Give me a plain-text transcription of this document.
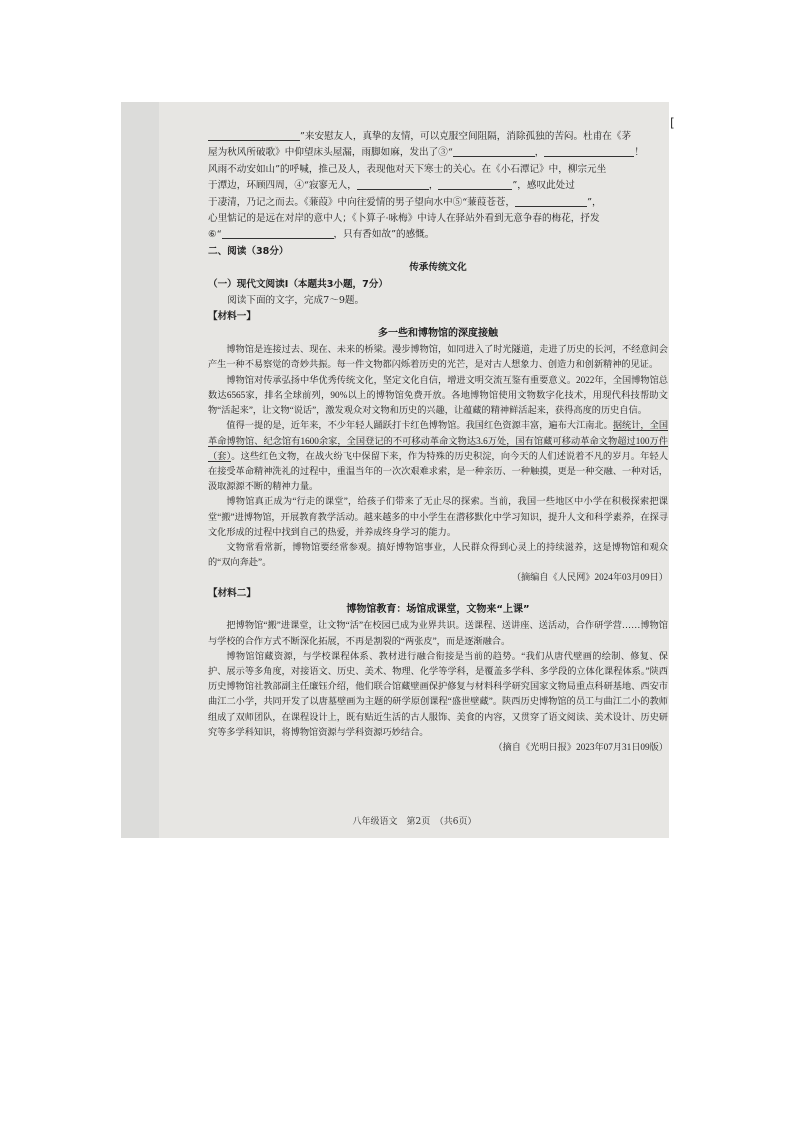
”来安慰友人，真挚的友情，可以克服空间阻隔，消除孤独的苦闷。杜甫在《茅

屋为秋风所破歌》中仰望床头屋漏，雨脚如麻，发出了③“	，	！

风雨不动安如山”的呼喊，推己及人，表现他对天下寒士的关心。在《小石潭记》中，柳宗元坐

于潭边，环顾四周，④“寂寥无人，	，	”，感叹此处过

于凄清，乃记之而去。《蒹葭》中向往爱情的男子望向水中⑤“蒹葭苍苍，	”，

心里惦记的是远在对岸的意中人；《卜算子·咏梅》中诗人在驿站外看到无意争春的梅花，抒发

⑥“	，只有香如故”的感慨。

二、阅读（38分）

传承传统文化

（一）现代文阅读Ⅰ（本题共3小题，7分）

阅读下面的文字，完成7～9题。

【材料一】

多一些和博物馆的深度接触

博物馆是连接过去、现在、未来的桥梁。漫步博物馆，如同进入了时光隧道，走进了历史的长河，不经意间会产生一种不易察觉的奇妙共振。每一件文物都闪烁着历史的光芒，是对古人想象力、创造力和创新精神的见证。

博物馆对传承弘扬中华优秀传统文化，坚定文化自信，增进文明交流互鉴有重要意义。2022年，全国博物馆总数达6565家，排名全球前列，90%以上的博物馆免费开放。各地博物馆使用文物数字化技术，用现代科技帮助文物“活起来”，让文物“说话”，激发观众对文物和历史的兴趣，让蕴藏的精神鲜活起来，获得高度的历史自信。

值得一提的是，近年来，不少年轻人踊跃打卡红色博物馆。我国红色资源丰富，遍布大江南北。据统计，全国革命博物馆、纪念馆有1600余家，全国登记的不可移动革命文物达3.6万处，国有馆藏可移动革命文物超过100万件（套）。这些红色文物，在战火纷飞中保留下来，作为特殊的历史积淀，向今天的人们述说着不凡的岁月。年轻人在接受革命精神洗礼的过程中，重温当年的一次次艰难求索，是一种亲历、一种触摸，更是一种交融、一种对话，汲取源源不断的精神力量。

博物馆真正成为“行走的课堂”，给孩子们带来了无止尽的探索。当前，我国一些地区中小学在积极探索把课堂“搬”进博物馆，开展教育教学活动。越来越多的中小学生在潜移默化中学习知识，提升人文和科学素养，在探寻文化形成的过程中找到自己的热爱，并养成终身学习的能力。

文物常看常新，博物馆要经常参观。搞好博物馆事业，人民群众得到心灵上的持续滋养，这是博物馆和观众的“双向奔赴”。

（摘编自《人民网》2024年03月09日）

【材料二】

博物馆教育：场馆成课堂，文物来“上课”

把博物馆“搬”进课堂，让文物“活”在校园已成为业界共识。送课程、送讲座、送活动，合作研学营……博物馆与学校的合作方式不断深化拓展，不再是割裂的“两张皮”，而是逐渐融合。

博物馆馆藏资源，与学校课程体系、教材进行融合衔接是当前的趋势。“我们从唐代壁画的绘制、修复、保护、展示等多角度，对接语文、历史、美术、物理、化学等学科，是覆盖多学科、多学段的立体化课程体系。”陕西历史博物馆社教部副主任廉钰介绍，他们联合馆藏壁画保护修复与材料科学研究国家文物局重点科研基地、西安市曲江二小学，共同开发了以唐墓壁画为主题的研学原创课程“盛世壁藏”。陕西历史博物馆的员工与曲江二小的教师组成了双师团队，在课程设计上，既有贴近生活的古人服饰、美食的内容，又贯穿了语文阅读、美术设计、历史研究等多学科知识，将博物馆资源与学科资源巧妙结合。

（摘自《光明日报》2023年07月31日09版）

八年级语文　第2页　（共6页）
[
